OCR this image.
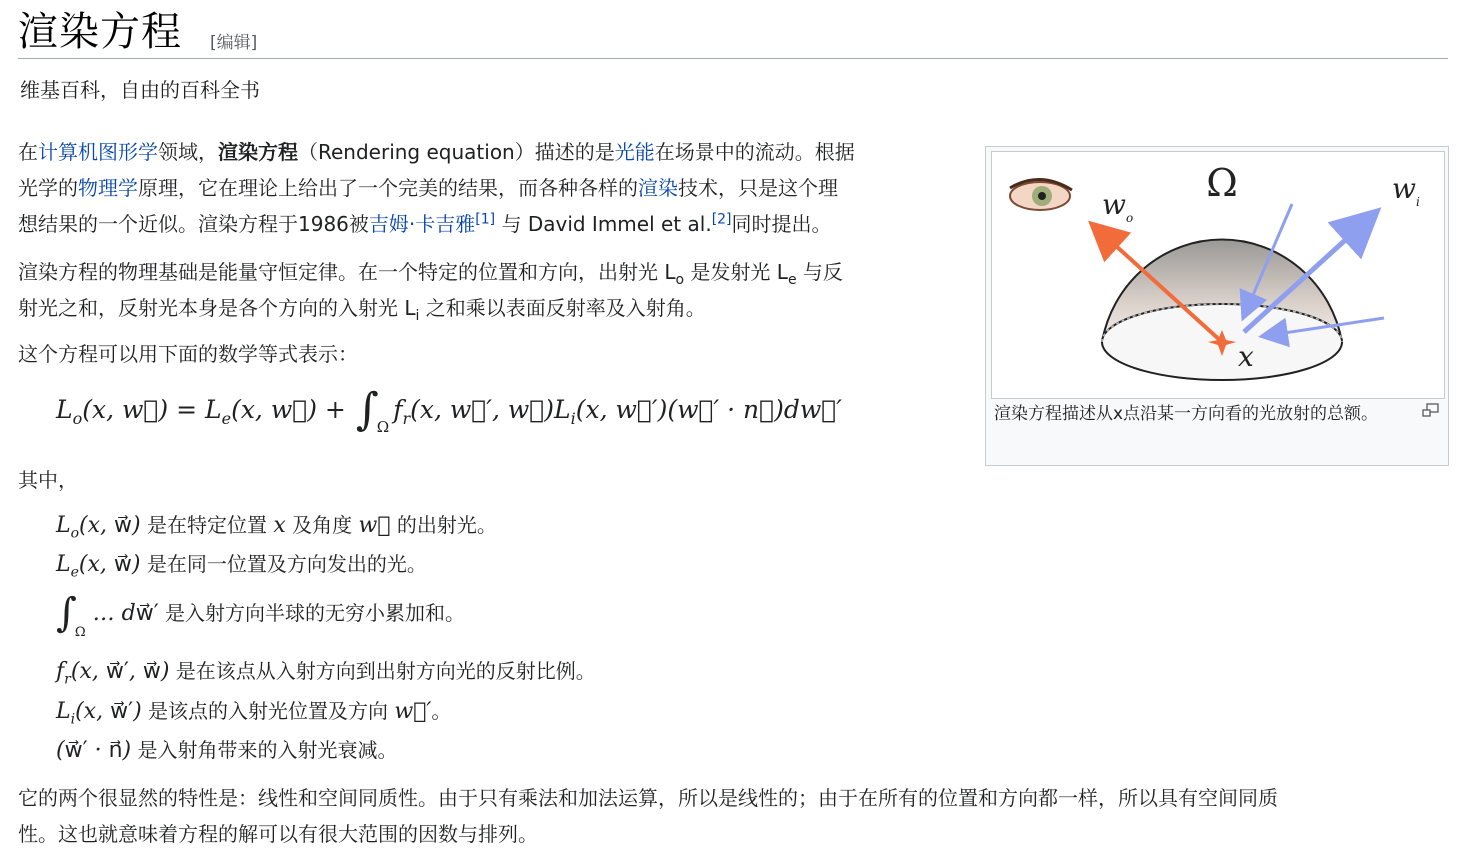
渲染方程 [编辑]
维基百科，自由的百科全书
在计算机图形学领域，渲染方程（Rendering equation）描述的是光能在场景中的流动。根据
光学的物理学原理，它在理论上给出了一个完美的结果，而各种各样的渲染技术，只是这个理
想结果的一个近似。渲染方程于1986被吉姆·卡吉雅[1] 与 David Immel et al.[2]同时提出。
渲染方程的物理基础是能量守恒定律。在一个特定的位置和方向，出射光 $L_o$ 是发射光 $L_e$ 与反
射光之和，反射光本身是各个方向的入射光 $L_i$ 之和乘以表面反射率及入射角。
这个方程可以用下面的数学等式表示：
$L_o(x$, w⃗) = $L_e(x$, w⃗) + $\int_\Omega f_r(x$, w⃗′, $w⃗)L_i(x$, w⃗′)(w⃗′ · n⃗)dw⃗′
其中，
$L_o(x$, w⃗) 是在特定位置 x 及角度 w⃗ 的出射光。
$L_e(x$, w⃗) 是在同一位置及方向发出的光。
$\int_\Omega$ … dw⃗′ 是入射方向半球的无穷小累加和。
$f_r(x$, w⃗′, w⃗) 是在该点从入射方向到出射方向光的反射比例。
$L_i(x$, w⃗′) 是该点的入射光位置及方向 w⃗′。
(w⃗′ · n⃗) 是入射角带来的入射光衰减。
它的两个很显然的特性是：线性和空间同质性。由于只有乘法和加法运算，所以是线性的；由于在所有的位置和方向都一样，所以具有空间同质
性。这也就意味着方程的解可以有很大范围的因数与排列。
Ω
$w_o$
$w_i$
x
渲染方程描述从x点沿某一方向看的光放射的总额。
